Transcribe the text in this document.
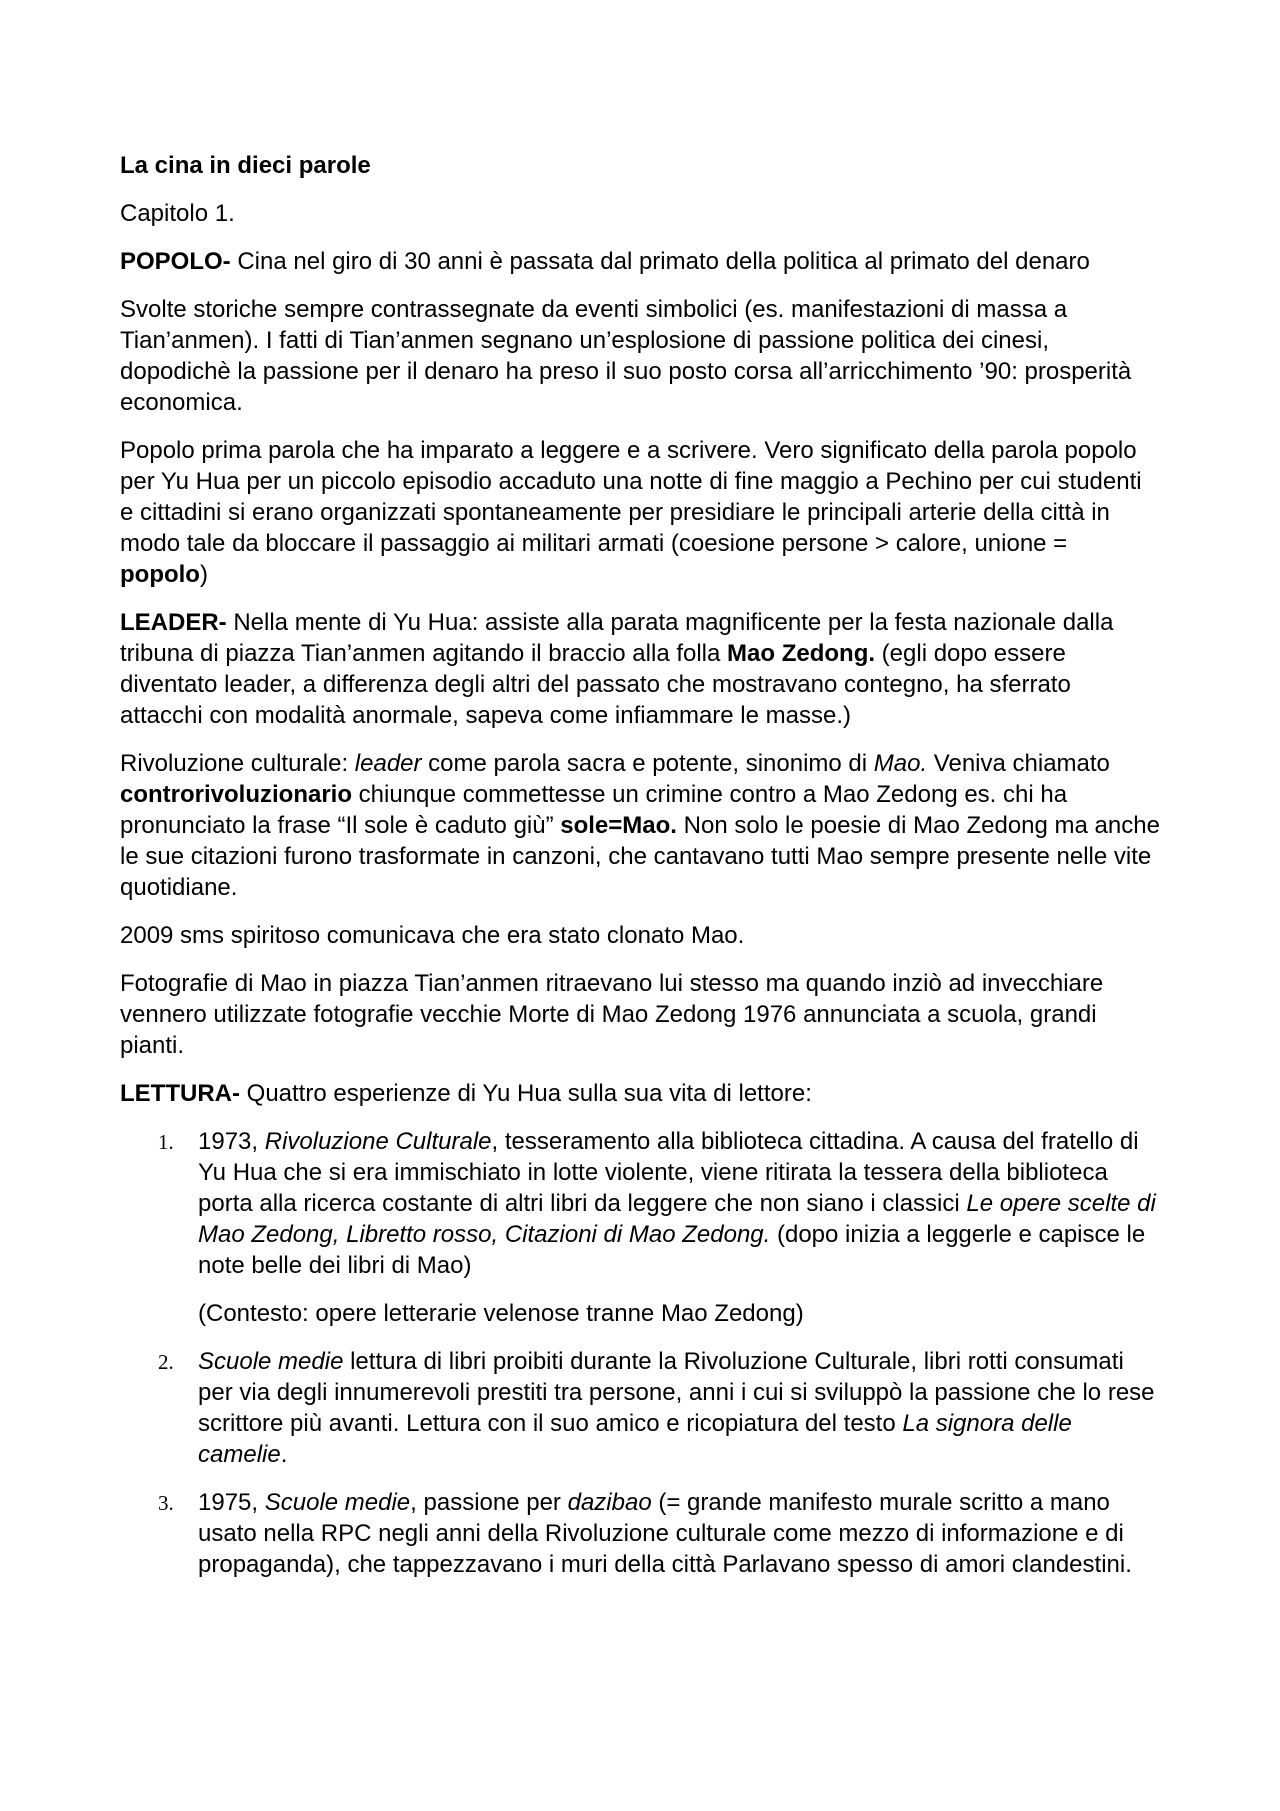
La cina in dieci parole

Capitolo 1.

POPOLO- Cina nel giro di 30 anni è passata dal primato della politica al primato del denaro

Svolte storiche sempre contrassegnate da eventi simbolici (es. manifestazioni di massa a Tian’anmen). I fatti di Tian’anmen segnano un’esplosione di passione politica dei cinesi, dopodichè la passione per il denaro ha preso il suo posto corsa all’arricchimento ’90: prosperità economica.

Popolo prima parola che ha imparato a leggere e a scrivere. Vero significato della parola popolo per Yu Hua per un piccolo episodio accaduto una notte di fine maggio a Pechino per cui studenti e cittadini si erano organizzati spontaneamente per presidiare le principali arterie della città in modo tale da bloccare il passaggio ai militari armati (coesione persone > calore, unione = popolo)

LEADER- Nella mente di Yu Hua: assiste alla parata magnificente per la festa nazionale dalla tribuna di piazza Tian’anmen agitando il braccio alla folla Mao Zedong. (egli dopo essere diventato leader, a differenza degli altri del passato che mostravano contegno, ha sferrato attacchi con modalità anormale, sapeva come infiammare le masse.)

Rivoluzione culturale: leader come parola sacra e potente, sinonimo di Mao. Veniva chiamato controrivoluzionario chiunque commettesse un crimine contro a Mao Zedong es. chi ha pronunciato la frase “Il sole è caduto giù” sole=Mao. Non solo le poesie di Mao Zedong ma anche le sue citazioni furono trasformate in canzoni, che cantavano tutti Mao sempre presente nelle vite quotidiane.

2009 sms spiritoso comunicava che era stato clonato Mao.

Fotografie di Mao in piazza Tian’anmen ritraevano lui stesso ma quando inziò ad invecchiare vennero utilizzate fotografie vecchie Morte di Mao Zedong 1976 annunciata a scuola, grandi pianti.

LETTURA- Quattro esperienze di Yu Hua sulla sua vita di lettore:

1. 1973, Rivoluzione Culturale, tesseramento alla biblioteca cittadina. A causa del fratello di Yu Hua che si era immischiato in lotte violente, viene ritirata la tessera della biblioteca porta alla ricerca costante di altri libri da leggere che non siano i classici Le opere scelte di Mao Zedong, Libretto rosso, Citazioni di Mao Zedong. (dopo inizia a leggerle e capisce le note belle dei libri di Mao)

(Contesto: opere letterarie velenose tranne Mao Zedong)

2. Scuole medie lettura di libri proibiti durante la Rivoluzione Culturale, libri rotti consumati per via degli innumerevoli prestiti tra persone, anni i cui si sviluppò la passione che lo rese scrittore più avanti. Lettura con il suo amico e ricopiatura del testo La signora delle camelie.

3. 1975, Scuole medie, passione per dazibao (= grande manifesto murale scritto a mano usato nella RPC negli anni della Rivoluzione culturale come mezzo di informazione e di propaganda), che tappezzavano i muri della città Parlavano spesso di amori clandestini.
